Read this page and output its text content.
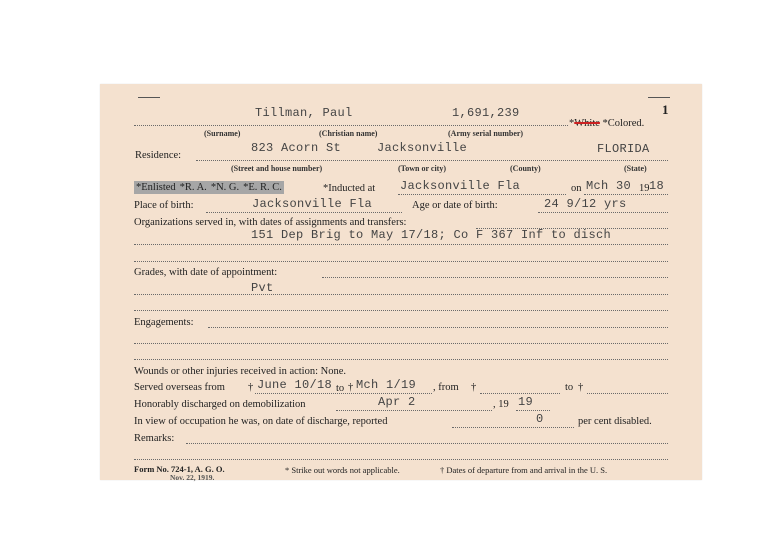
1
Tillman, Paul	1,691,239
*White *Colored.
(Surname)	(Christian name)	(Army serial number)
823 Acorn St	Jacksonville	FLORIDA
Residence:
(Street and house number)	(Town or city)	(County)	(State)
*Enlisted *R. A. *N. G. *E. R. C.	*Inducted at Jacksonville Fla	on Mch 30 19 18
Place of birth:	Jacksonville Fla	Age or date of birth:	24 9/12 yrs
Organizations served in, with dates of assignments and transfers:
151 Dep Brig to May 17/18; Co F 367 Inf to disch
Grades, with date of appointment:
Pvt
Engagements:
Wounds or other injuries received in action: None.
Served overseas from † June 10/18 to † Mch 1/19 , from †	to †
Honorably discharged on demobilization	Apr 2	, 19 19
In view of occupation he was, on date of discharge, reported	0	per cent disabled.
Remarks:
Form No. 724-1, A. G. O.
Nov. 22, 1919.
* Strike out words not applicable.	† Dates of departure from and arrival in the U. S.
